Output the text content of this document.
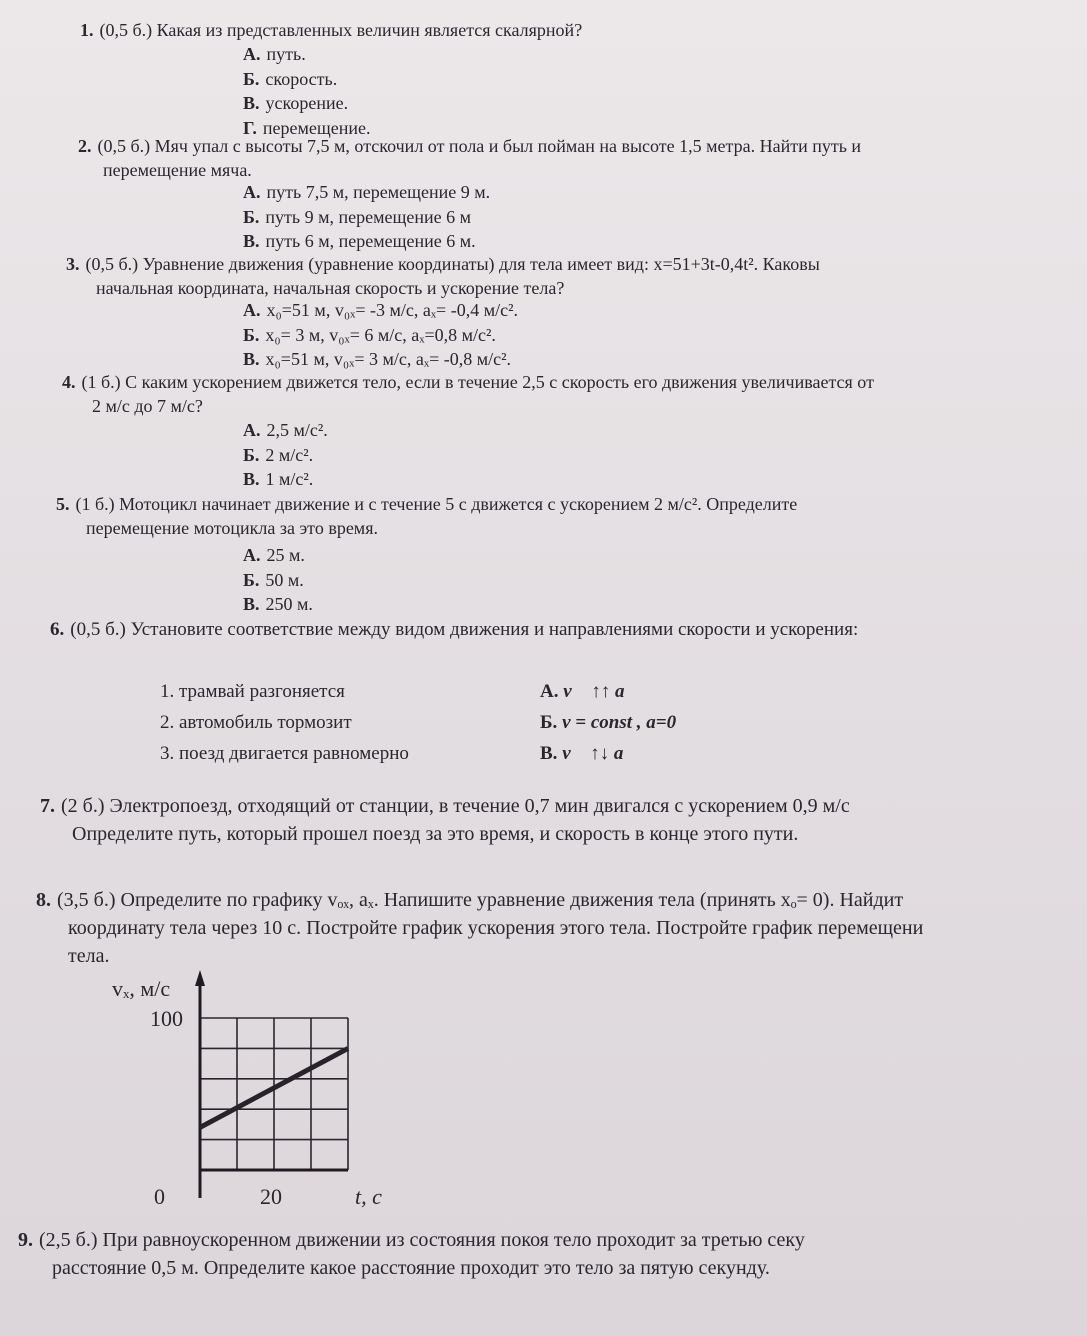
1. (0,5 б.) Какая из представленных величин является скалярной?
А. путь.
Б. скорость.
В. ускорение.
Г. перемещение.
2. (0,5 б.) Мяч упал с высоты 7,5 м, отскочил от пола и был пойман на высоте 1,5 метра. Найти путь и
перемещение мяча.
А. путь 7,5 м, перемещение 9 м.
Б. путь 9 м, перемещение 6 м
В. путь 6 м, перемещение 6 м.
3. (0,5 б.) Уравнение движения (уравнение координаты) для тела имеет вид: x=51+3t-0,4t². Каковы
начальная координата, начальная скорость и ускорение тела?
А. x₀=51 м, v₀ₓ= -3 м/с, aₓ= -0,4 м/с².
Б. x₀= 3 м, v₀ₓ= 6 м/с, aₓ=0,8 м/с².
В. x₀=51 м, v₀ₓ= 3 м/с, aₓ= -0,8 м/с².
4. (1 б.) С каким ускорением движется тело, если в течение 2,5 с скорость его движения увеличивается от
2 м/с до 7 м/с?
А. 2,5 м/с².
Б. 2 м/с².
В. 1 м/с².
5. (1 б.) Мотоцикл начинает движение и с течение 5 с движется с ускорением 2 м/с². Определите
перемещение мотоцикла за это время.
А. 25 м.
Б. 50 м.
В. 250 м.
6. (0,5 б.) Установите соответствие между видом движения и направлениями скорости и ускорения:
1. трамвай разгоняется
2. автомобиль тормозит
3. поезд двигается равномерно
А. v⃗ ↑↑ a⃗
Б. v = const , a=0
В. v⃗ ↑↓ a⃗
7. (2 б.) Электропоезд, отходящий от станции, в течение 0,7 мин двигался с ускорением 0,9 м/с
Определите путь, который прошел поезд за это время, и скорость в конце этого пути.
8. (3,5 б.) Определите по графику vₒₓ, aₓ. Напишите уравнение движения тела (принять xₒ= 0). Найдит
координату тела через 10 с. Постройте график ускорения этого тела. Постройте график перемещени
тела.
vₓ, м/с
100
0	20	t, с
9. (2,5 б.) При равноускоренном движении из состояния покоя тело проходит за третью секу
расстояние 0,5 м. Определите какое расстояние проходит это тело за пятую секунду.
